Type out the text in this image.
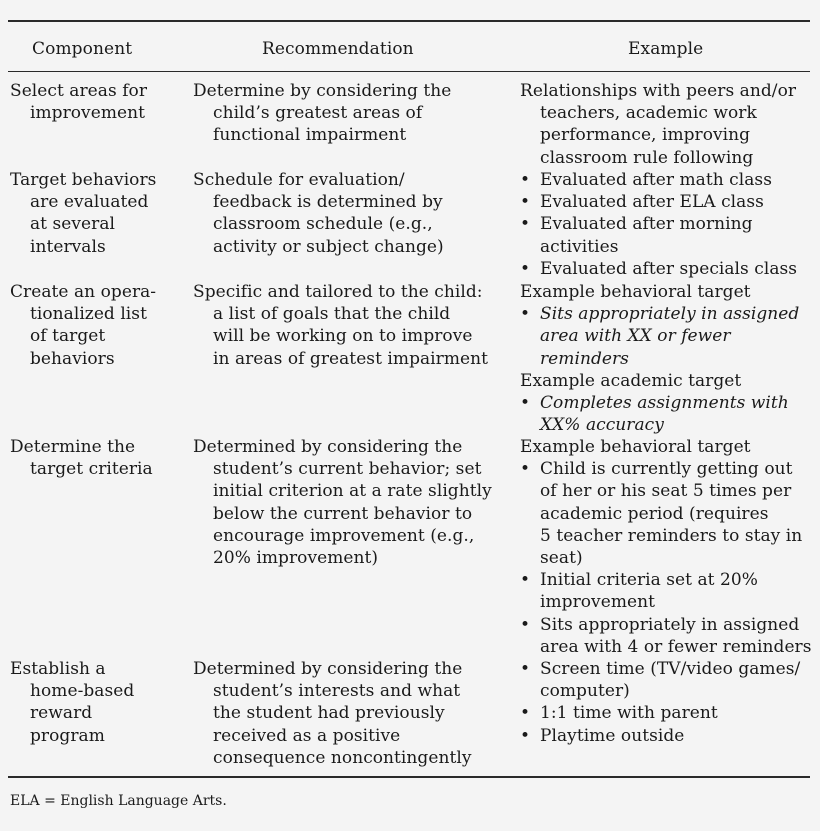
Component	Recommendation	Example
Select areas for
improvement
Determine by considering the
child’s greatest areas of
functional impairment
Relationships with peers and/or
teachers, academic work
performance, improving
classroom rule following
Target behaviors
are evaluated
at several
intervals
Schedule for evaluation/
feedback is determined by
classroom schedule (e.g.,
activity or subject change)
• Evaluated after math class
• Evaluated after ELA class
• Evaluated after morning
activities
• Evaluated after specials class
Create an opera-
tionalized list
of target
behaviors
Specific and tailored to the child:
a list of goals that the child
will be working on to improve
in areas of greatest impairment
Example behavioral target
• Sits appropriately in assigned
area with XX or fewer
reminders
Example academic target
• Completes assignments with
XX% accuracy
Determine the
target criteria
Determined by considering the
student’s current behavior; set
initial criterion at a rate slightly
below the current behavior to
encourage improvement (e.g.,
20% improvement)
Example behavioral target
• Child is currently getting out
of her or his seat 5 times per
academic period (requires
5 teacher reminders to stay in
seat)
• Initial criteria set at 20%
improvement
• Sits appropriately in assigned
area with 4 or fewer reminders
Establish a
home-based
reward
program
Determined by considering the
student’s interests and what
the student had previously
received as a positive
consequence noncontingently
• Screen time (TV/video games/
computer)
• 1:1 time with parent
• Playtime outside
ELA = English Language Arts.
